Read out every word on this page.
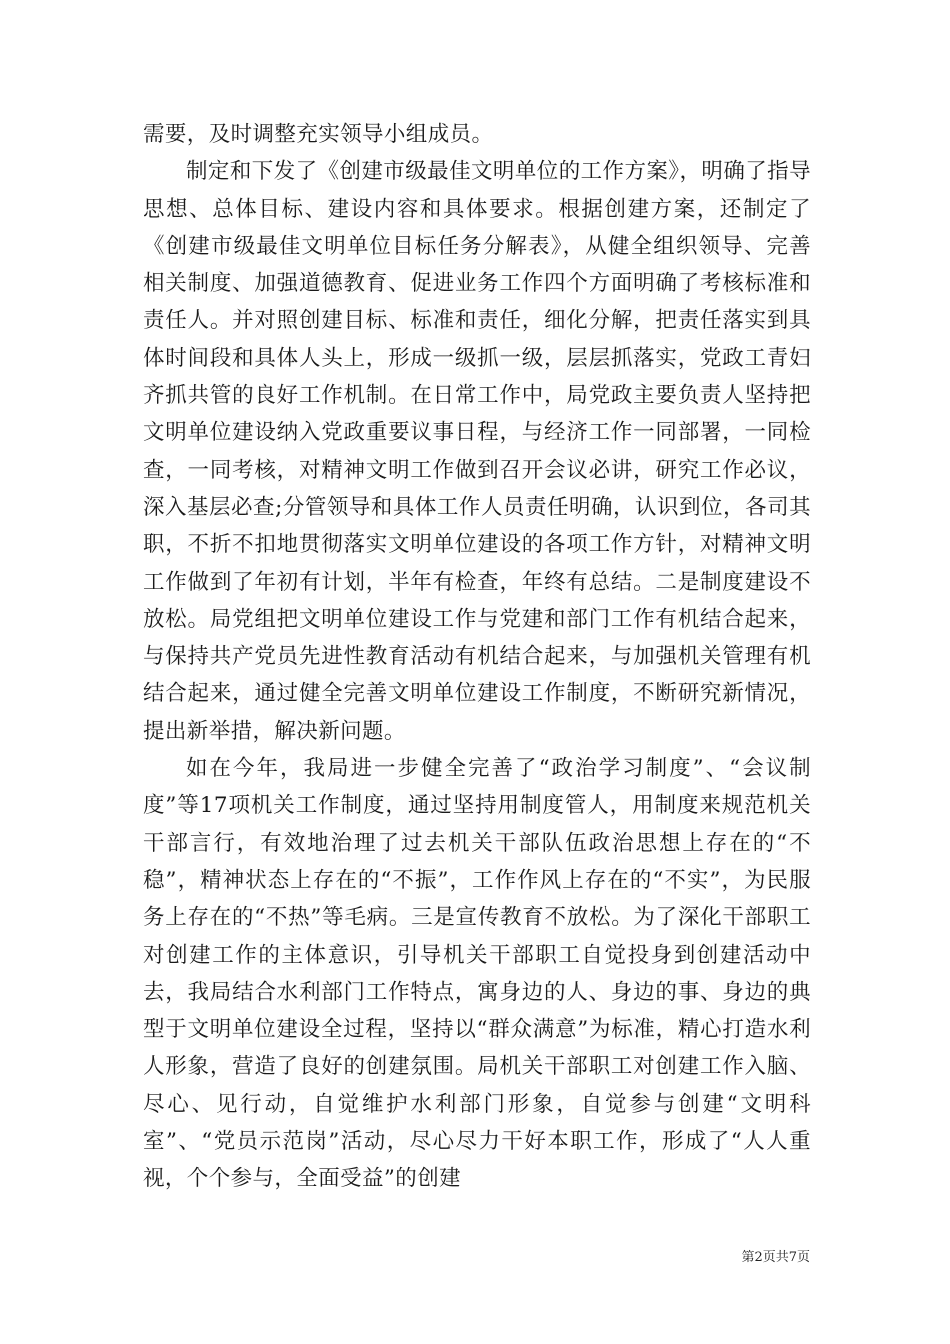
需要，及时调整充实领导小组成员。

制定和下发了《创建市级最佳文明单位的工作方案》，明确了指导思想、总体目标、建设内容和具体要求。根据创建方案，还制定了《创建市级最佳文明单位目标任务分解表》，从健全组织领导、完善相关制度、加强道德教育、促进业务工作四个方面明确了考核标准和责任人。并对照创建目标、标准和责任，细化分解，把责任落实到具体时间段和具体人头上，形成一级抓一级，层层抓落实，党政工青妇齐抓共管的良好工作机制。在日常工作中，局党政主要负责人坚持把文明单位建设纳入党政重要议事日程，与经济工作一同部署，一同检查，一同考核，对精神文明工作做到召开会议必讲，研究工作必议，深入基层必查;分管领导和具体工作人员责任明确，认识到位，各司其职，不折不扣地贯彻落实文明单位建设的各项工作方针，对精神文明工作做到了年初有计划，半年有检查，年终有总结。二是制度建设不放松。局党组把文明单位建设工作与党建和部门工作有机结合起来，与保持共产党员先进性教育活动有机结合起来，与加强机关管理有机结合起来，通过健全完善文明单位建设工作制度，不断研究新情况，提出新举措，解决新问题。

如在今年，我局进一步健全完善了“政治学习制度”、“会议制度”等17项机关工作制度，通过坚持用制度管人，用制度来规范机关干部言行，有效地治理了过去机关干部队伍政治思想上存在的“不稳”，精神状态上存在的“不振”，工作作风上存在的“不实”，为民服务上存在的“不热”等毛病。三是宣传教育不放松。为了深化干部职工对创建工作的主体意识，引导机关干部职工自觉投身到创建活动中去，我局结合水利部门工作特点，寓身边的人、身边的事、身边的典型于文明单位建设全过程，坚持以“群众满意”为标准，精心打造水利人形象，营造了良好的创建氛围。局机关干部职工对创建工作入脑、尽心、见行动，自觉维护水利部门形象，自觉参与创建“文明科室”、“党员示范岗”活动，尽心尽力干好本职工作，形成了“人人重视，个个参与，全面受益”的创建

第2页共7页
